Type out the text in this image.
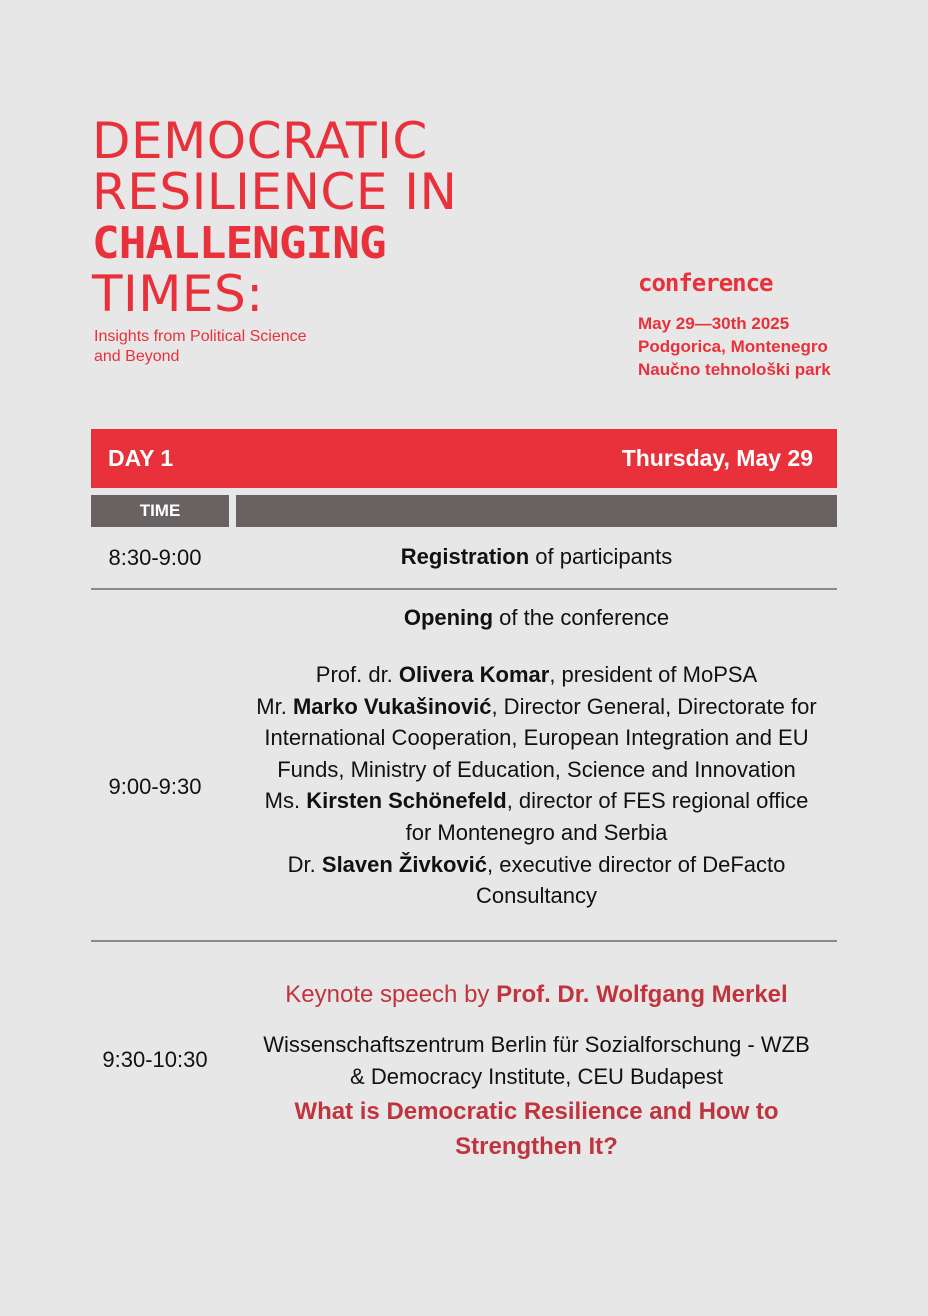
DEMOCRATIC
RESILIENCE IN
CHALLENGING
TIMES:
Insights from Political Science
and Beyond
conference
May 29—30th 2025
Podgorica, Montenegro
Naučno tehnološki park
DAY 1	Thursday, May 29
TIME
8:30-9:00	Registration of participants
Opening of the conference
9:00-9:30
Prof. dr. Olivera Komar, president of MoPSA
Mr. Marko Vukašinović, Director General, Directorate for International Cooperation, European Integration and EU Funds, Ministry of Education, Science and Innovation
Ms. Kirsten Schönefeld, director of FES regional office for Montenegro and Serbia
Dr. Slaven Živković, executive director of DeFacto Consultancy
Keynote speech by Prof. Dr. Wolfgang Merkel
9:30-10:30
Wissenschaftszentrum Berlin für Sozialforschung - WZB & Democracy Institute, CEU Budapest
What is Democratic Resilience and How to
Strengthen It?
